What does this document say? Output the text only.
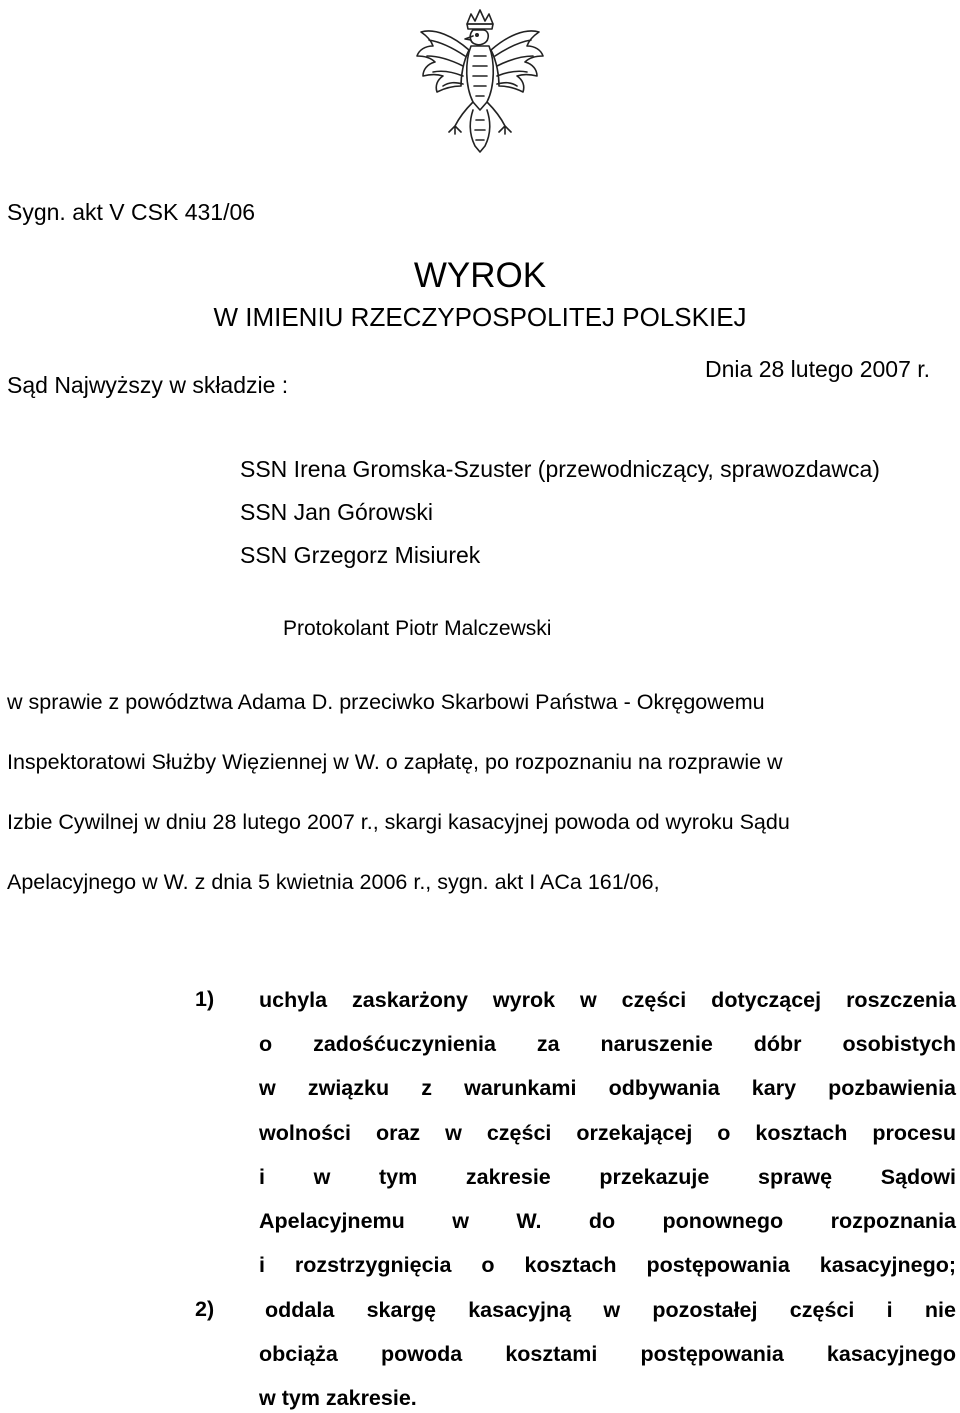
Sygn. akt V CSK 431/06
WYROK
W IMIENIU RZECZYPOSPOLITEJ POLSKIEJ
Dnia 28 lutego 2007 r.
Sąd Najwyższy w składzie :
SSN Irena Gromska-Szuster (przewodniczący, sprawozdawca)
SSN Jan Górowski
SSN Grzegorz Misiurek
Protokolant Piotr Malczewski
w sprawie z powództwa Adama D. przeciwko Skarbowi Państwa - Okręgowemu
Inspektoratowi Służby Więziennej w W. o zapłatę, po rozpoznaniu na rozprawie w
Izbie Cywilnej w dniu 28 lutego 2007 r., skargi kasacyjnej powoda od wyroku Sądu
Apelacyjnego w W. z dnia 5 kwietnia 2006 r., sygn. akt I ACa 161/06,
1) uchyla zaskarżony wyrok w części dotyczącej roszczenia
o zadośćuczynienia za naruszenie dóbr osobistych
w związku z warunkami odbywania kary pozbawienia
wolności oraz w części orzekającej o kosztach procesu
i w tym zakresie przekazuje sprawę Sądowi
Apelacyjnemu w W. do ponownego rozpoznania
i rozstrzygnięcia o kosztach postępowania kasacyjnego;
2) oddala skargę kasacyjną w pozostałej części i nie
obciąża powoda kosztami postępowania kasacyjnego
w tym zakresie.
